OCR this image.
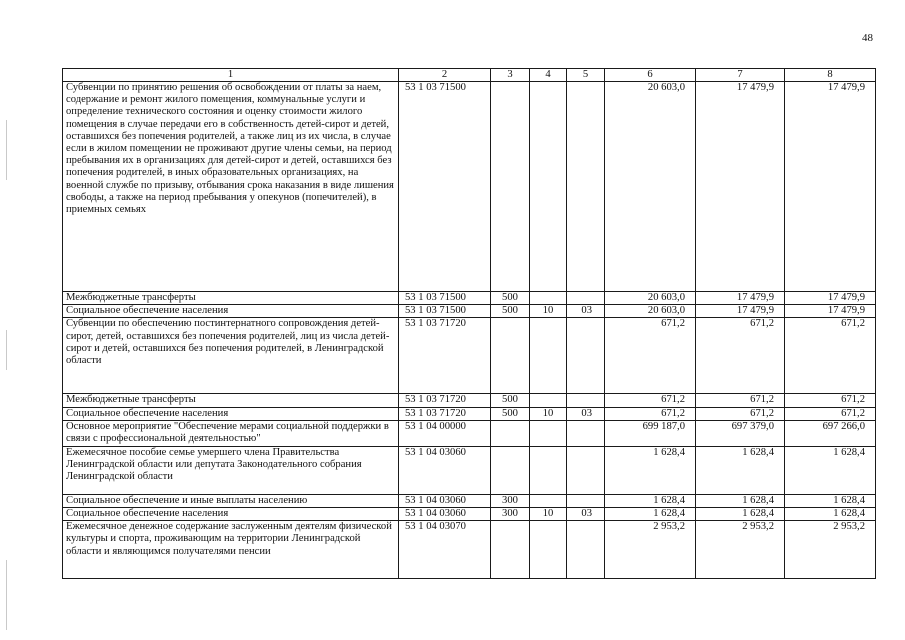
48
1	2	3	4	5	6	7	8
Субвенции по принятию решения об освобождении от платы за наем, содержание и ремонт жилого помещения, коммунальные услуги и определение технического состояния и оценку стоимости жилого помещения в случае передачи его в собственность детей-сирот и детей, оставшихся без попечения родителей, а также лиц из их числа, в случае если в жилом помещении не проживают другие члены семьи, на период пребывания их в организациях для детей-сирот и детей, оставшихся без попечения родителей, в иных образовательных организациях, на военной службе по призыву, отбывания срока наказания в виде лишения свободы, а также на период пребывания у опекунов (попечителей), в приемных семьях	53 1 03 71500				20 603,0	17 479,9	17 479,9
Межбюджетные трансферты	53 1 03 71500	500			20 603,0	17 479,9	17 479,9
Социальное обеспечение населения	53 1 03 71500	500	10	03	20 603,0	17 479,9	17 479,9
Субвенции по обеспечению постинтернатного сопровождения детей-сирот, детей, оставшихся без попечения родителей, лиц из числа детей-сирот и детей, оставшихся без попечения родителей, в Ленинградской области	53 1 03 71720				671,2	671,2	671,2
Межбюджетные трансферты	53 1 03 71720	500			671,2	671,2	671,2
Социальное обеспечение населения	53 1 03 71720	500	10	03	671,2	671,2	671,2
Основное мероприятие "Обеспечение мерами социальной поддержки в связи с профессиональной деятельностью"	53 1 04 00000				699 187,0	697 379,0	697 266,0
Ежемесячное пособие семье умершего члена Правительства Ленинградской области или депутата Законодательного собрания Ленинградской области	53 1 04 03060				1 628,4	1 628,4	1 628,4
Социальное обеспечение и иные выплаты населению	53 1 04 03060	300			1 628,4	1 628,4	1 628,4
Социальное обеспечение населения	53 1 04 03060	300	10	03	1 628,4	1 628,4	1 628,4
Ежемесячное денежное содержание заслуженным деятелям физической культуры и спорта, проживающим на территории Ленинградской области и являющимся получателями пенсии	53 1 04 03070				2 953,2	2 953,2	2 953,2
